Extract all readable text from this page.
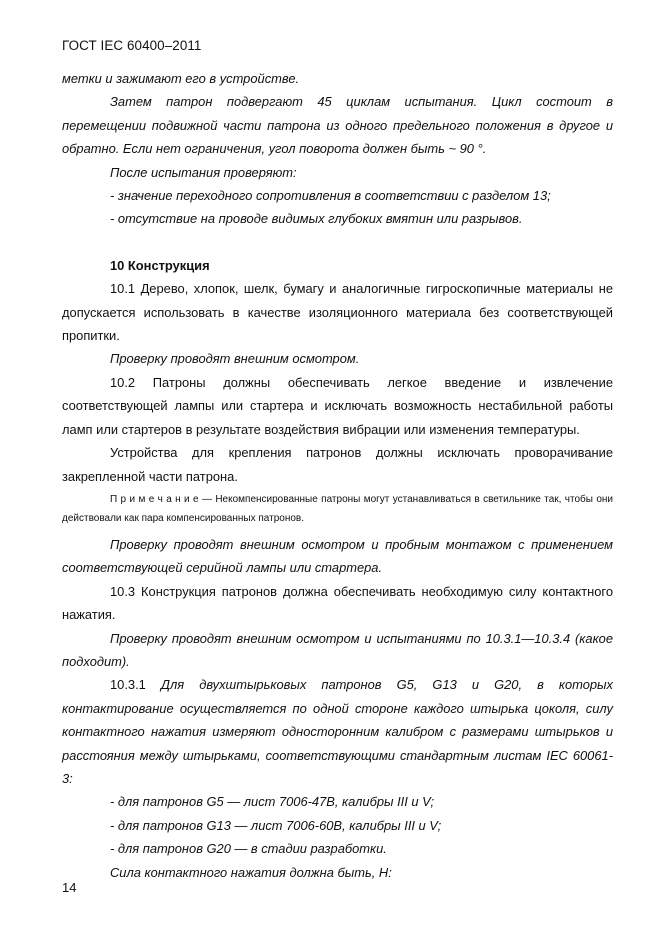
ГОСТ IEC 60400–2011
метки и зажимают его в устройстве.
Затем патрон подвергают 45 циклам испытания. Цикл состоит в перемещении подвижной части патрона из одного предельного положения в другое и обратно. Если нет ограничения, угол поворота должен быть ~ 90 °.
После испытания проверяют:
- значение переходного сопротивления в соответствии с разделом 13;
- отсутствие на проводе видимых глубоких вмятин или разрывов.
10 Конструкция
10.1 Дерево, хлопок, шелк, бумагу и аналогичные гигроскопичные материалы не допускается использовать в качестве изоляционного материала без соответствующей пропитки.
Проверку проводят внешним осмотром.
10.2 Патроны должны обеспечивать легкое введение и извлечение соответствующей лампы или стартера и исключать возможность нестабильной работы ламп или стартеров в результате воздействия вибрации или изменения температуры.
Устройства для крепления патронов должны исключать проворачивание закрепленной части патрона.
П р и м е ч а н и е — Некомпенсированные патроны могут устанавливаться в светильнике так, чтобы они действовали как пара компенсированных патронов.
Проверку проводят внешним осмотром и пробным монтажом с применением соответствующей серийной лампы или стартера.
10.3 Конструкция патронов должна обеспечивать необходимую силу контактного нажатия.
Проверку проводят внешним осмотром и испытаниями по 10.3.1—10.3.4 (какое подходит).
10.3.1 Для двухштырьковых патронов G5, G13 и G20, в которых контактирование осуществляется по одной стороне каждого штырька цоколя, силу контактного нажатия измеряют односторонним калибром с размерами штырьков и расстояния между штырьками, соответствующими стандартным листам IEC 60061-3:
- для патронов G5 — лист 7006-47B, калибры III и V;
- для патронов G13 — лист 7006-60B, калибры III и V;
- для патронов G20 — в стадии разработки.
Сила контактного нажатия должна быть, Н:
14
